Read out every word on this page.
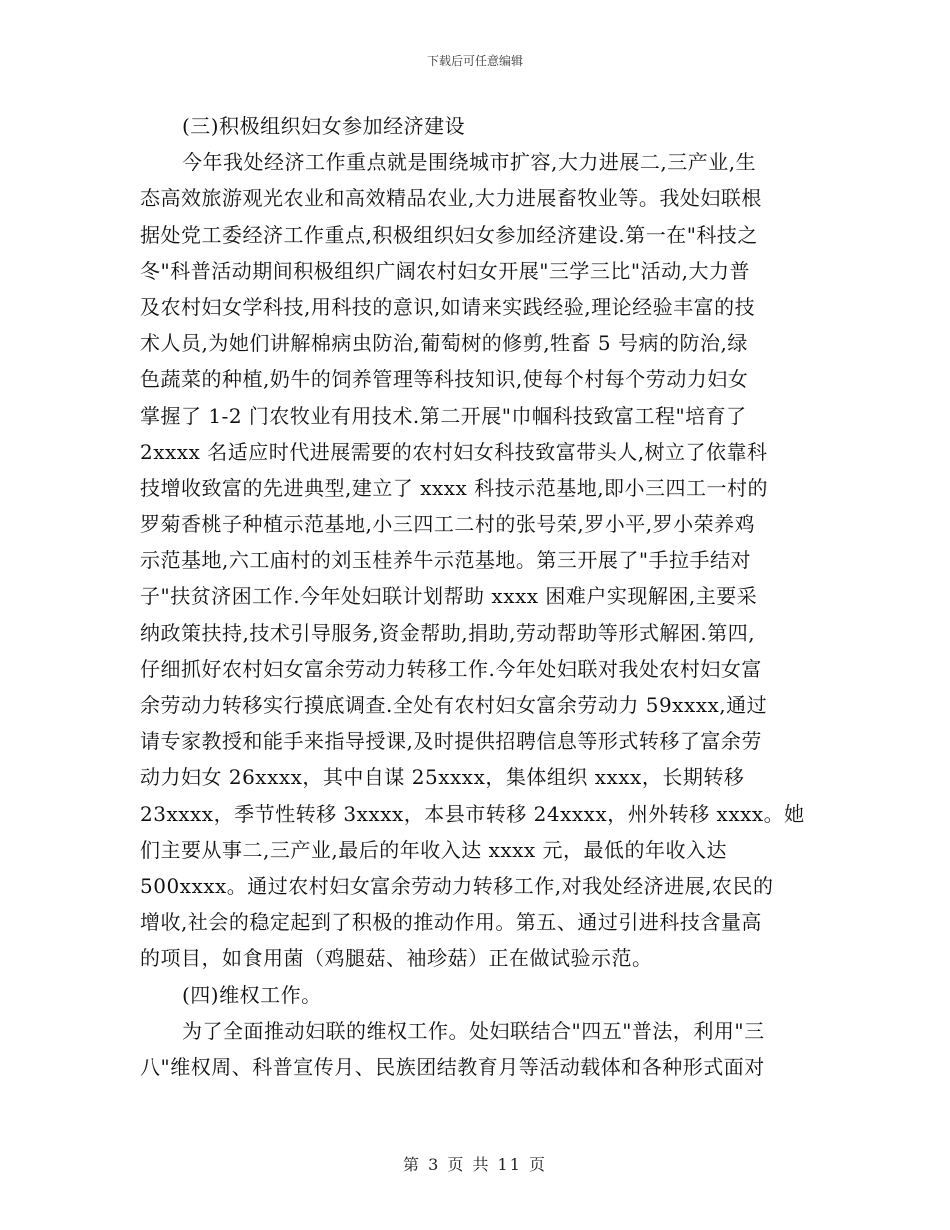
下载后可任意编辑
(三)积极组织妇女参加经济建设
今年我处经济工作重点就是围绕城市扩容,大力进展二,三产业,生
态高效旅游观光农业和高效精品农业,大力进展畜牧业等。我处妇联根
据处党工委经济工作重点,积极组织妇女参加经济建设.第一在"科技之
冬"科普活动期间积极组织广阔农村妇女开展"三学三比"活动,大力普
及农村妇女学科技,用科技的意识,如请来实践经验,理论经验丰富的技
术人员,为她们讲解棉病虫防治,葡萄树的修剪,牲畜 5 号病的防治,绿
色蔬菜的种植,奶牛的饲养管理等科技知识,使每个村每个劳动力妇女
掌握了 1-2 门农牧业有用技术.第二开展"巾帼科技致富工程"培育了
2xxxx 名适应时代进展需要的农村妇女科技致富带头人,树立了依靠科
技增收致富的先进典型,建立了 xxxx 科技示范基地,即小三四工一村的
罗菊香桃子种植示范基地,小三四工二村的张号荣,罗小平,罗小荣养鸡
示范基地,六工庙村的刘玉桂养牛示范基地。第三开展了"手拉手结对
子"扶贫济困工作.今年处妇联计划帮助 xxxx 困难户实现解困,主要采
纳政策扶持,技术引导服务,资金帮助,捐助,劳动帮助等形式解困.第四,
仔细抓好农村妇女富余劳动力转移工作.今年处妇联对我处农村妇女富
余劳动力转移实行摸底调查.全处有农村妇女富余劳动力 59xxxx,通过
请专家教授和能手来指导授课,及时提供招聘信息等形式转移了富余劳
动力妇女 26xxxx，其中自谋 25xxxx，集体组织 xxxx，长期转移
23xxxx，季节性转移 3xxxx，本县市转移 24xxxx，州外转移 xxxx。她
们主要从事二,三产业,最后的年收入达 xxxx 元，最低的年收入达
500xxxx。通过农村妇女富余劳动力转移工作,对我处经济进展,农民的
增收,社会的稳定起到了积极的推动作用。第五、通过引进科技含量高
的项目，如食用菌（鸡腿菇、袖珍菇）正在做试验示范。
(四)维权工作。
为了全面推动妇联的维权工作。处妇联结合"四五"普法，利用"三
八"维权周、科普宣传月、民族团结教育月等活动载体和各种形式面对
第 3 页 共 11 页
